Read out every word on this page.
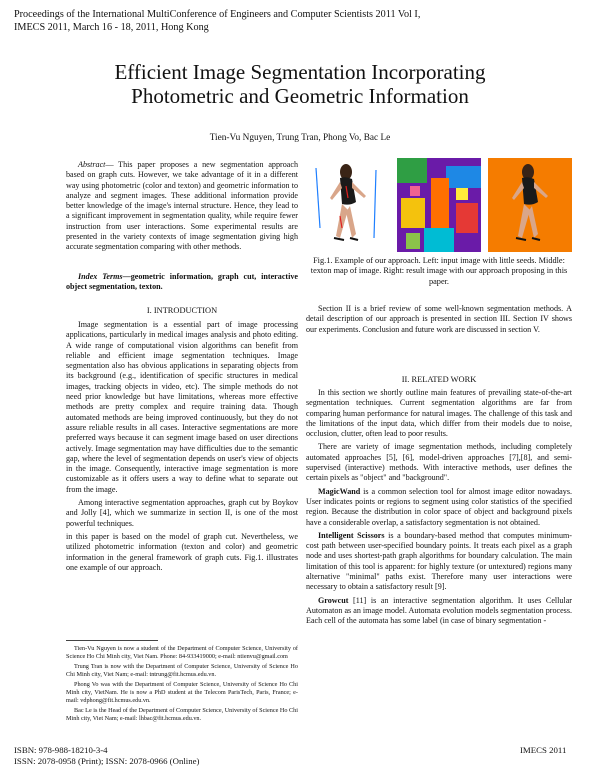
Proceedings of the International MultiConference of Engineers and Computer Scientists 2011 Vol I,
IMECS 2011, March 16 - 18, 2011, Hong Kong
Efficient Image Segmentation Incorporating
Photometric and Geometric Information
Tien-Vu Nguyen, Trung Tran, Phong Vo, Bac Le

Abstract— This paper proposes a new segmentation approach based on graph cuts. However, we take advantage of it in a different way using photometric (color and texton) and geometric information to analyze and segment images. These additional information provide better knowledge of the image's internal structure. Hence, they lead to a significant improvement in segmentation quality, while require fewer instruction from user interactions. Some experimental results are presented in the variety contexts of image segmentation giving high accurate segmentation comparing with other methods.

Index Terms—geometric information, graph cut, interactive object segmentation, texton.

I. INTRODUCTION

Image segmentation is a essential part of image processing applications, particularly in medical images analysis and photo editing. A wide range of computational vision algorithms can benefit from reliable and efficient image segmentation techniques. Image segmentation also has obvious applications in separating objects from its background (e.g., identification of specific structures in medical images, tracking objects in video, etc). The simple methods do not need prior knowledge but have limitations, whereas more effective methods are pretty complex and require training data. Though automated methods are being improved continuously, but they do not assure reliable results in all cases. Interactive segmentations are more preferred ways because it can segment image based on user directions actively. Image segmentation may have difficulties due to the semantic gap, where the level of segmentation depends on user's view of objects in the image. Consequently, interactive image segmentation is more customizable as it offers users a way to define what to separate out from the image.

Among interactive segmentation approaches, graph cut by Boykov and Jolly [4], which we summarize in section II, is one of the most powerful techniques.

in this paper is based on the model of graph cut. Nevertheless, we utilized photometric information (texton and color) and geometric information in the general framework of graph cuts. Fig.1. illustrates one example of our approach.

Tien-Vu Nguyen is now a student of the Department of Computer Science, University of Science Ho Chi Minh city, Viet Nam. Phone: 84-933419000; e-mail: ntienvu@gmail.com

Trung Tran is now with the Department of Computer Science, University of Science Ho Chi Minh city, Viet Nam; e-mail: tntrung@fit.hcmus.edu.vn.

Phong Vo was with the Department of Computer Science, University of Science Ho Chi Minh city, VietNam. He is now a PhD student at the Telecom ParisTech, Paris, France; e-mail: vdphong@fit.hcmus.edu.vn.

Bac Le is the Head of the Department of Computer Science, University of Science Ho Chi Minh city, Viet Nam; e-mail: lhbac@fit.hcmus.edu.vn.

Fig.1. Example of our approach. Left: input image with little seeds. Middle: texton map of image. Right: result image with our approach proposing in this paper.

Section II is a brief review of some well-known segmentation methods. A detail description of our approach is presented in section III. Section IV shows our experiments. Conclusion and future work are discussed in section V.

II. RELATED WORK

In this section we shortly outline main features of prevailing state-of-the-art segmentation techniques. Current segmentation algorithms are far from comparing human performance for natural images. The challenge of this task and the limitations of the input data, which differ from their models due to noise, occlusion, clutter, often lead to poor results.

There are variety of image segmentation methods, including completely automated approaches [5], [6], model-driven approaches [7],[8], and semi-supervised (interactive) methods. With interactive methods, user defines the certain pixels as "object" and "background".

MagicWand is a common selection tool for almost image editor nowadays. User indicates points or regions to segment using color statistics of the specified region. Because the distribution in color space of object and background pixels have a considerable overlap, a satisfactory segmentation is not obtained.

Intelligent Scissors is a boundary-based method that computes minimum-cost path between user-specified boundary points. It treats each pixel as a graph node and uses shortest-path graph algorithms for boundary calculation. The main limitation of this tool is apparent: for highly texture (or untextured) regions many alternative "minimal" paths exist. Therefore many user interactions were necessary to obtain a satisfactory result [9].

Growcut [11] is an interactive segmentation algorithm. It uses Cellular Automaton as an image model. Automata evolution models segmentation process. Each cell of the automata has some label (in case of binary segmentation -

ISBN: 978-988-18210-3-4
ISSN: 2078-0958 (Print); ISSN: 2078-0966 (Online)
IMECS 2011
